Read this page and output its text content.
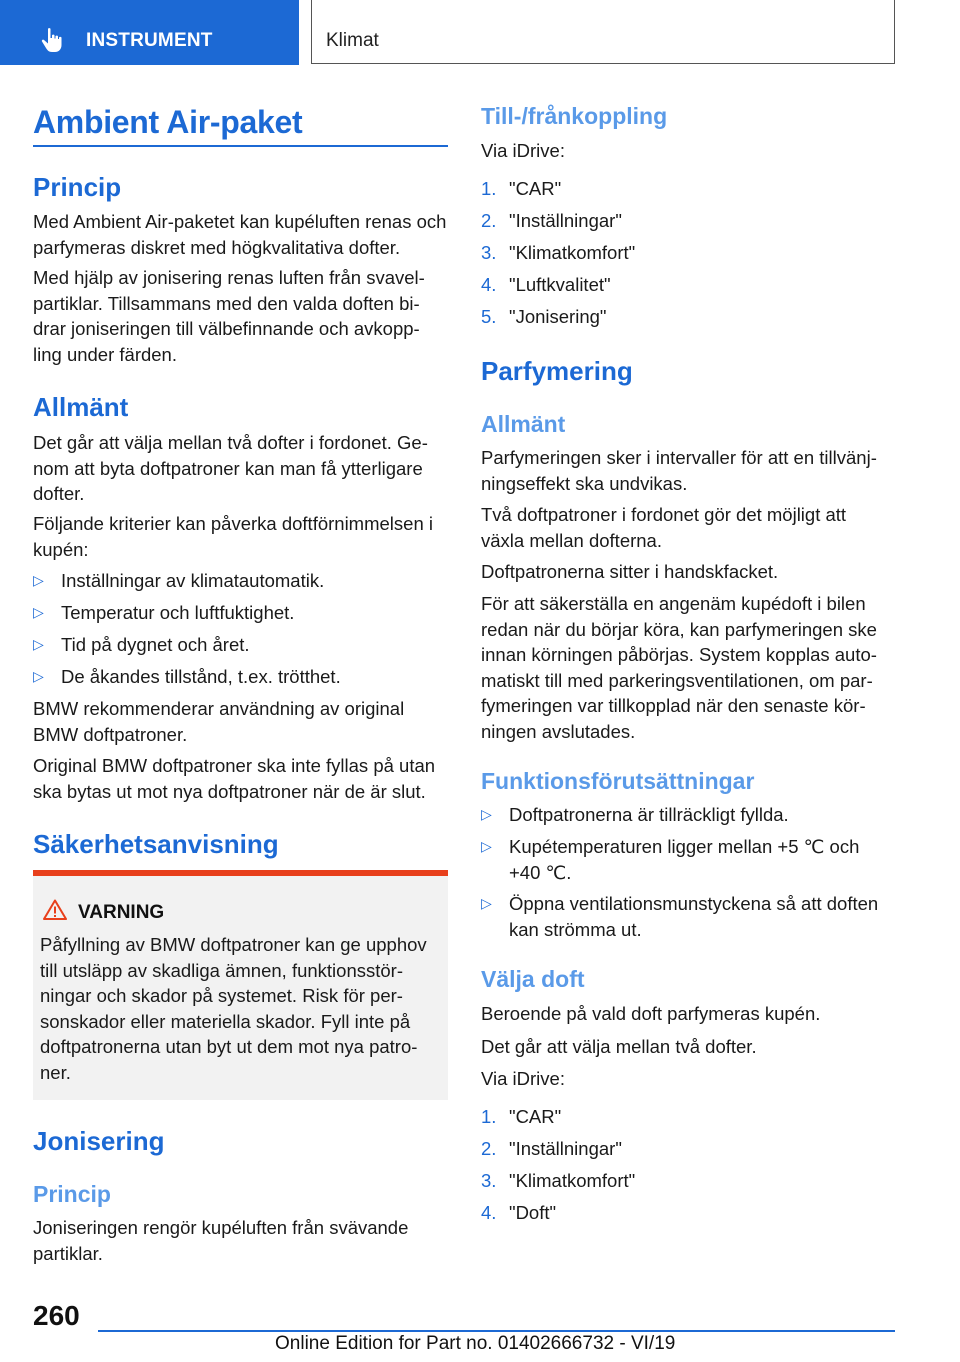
INSTRUMENT	Klimat
Ambient Air-paket
Princip

Med Ambient Air-paketet kan kupéluften renas och parfymeras diskret med högkvalitativa dofter.

Med hjälp av jonisering renas luften från svavelpartiklar. Tillsammans med den valda doften bidrar joniseringen till välbefinnande och avkoppling under färden.

Allmänt

Det går att välja mellan två dofter i fordonet. Genom att byta doftpatroner kan man få ytterligare dofter.

Följande kriterier kan påverka doftförnimmelsen i kupén:

▷ Inställningar av klimatautomatik.
▷ Temperatur och luftfuktighet.
▷ Tid på dygnet och året.
▷ De åkandes tillstånd, t.ex. trötthet.

BMW rekommenderar användning av original BMW doftpatroner.

Original BMW doftpatroner ska inte fyllas på utan ska bytas ut mot nya doftpatroner när de är slut.

Säkerhetsanvisning
VARNING

Påfyllning av BMW doftpatroner kan ge upphov till utsläpp av skadliga ämnen, funktionsstörningar och skador på systemet. Risk för personskador eller materiella skador. Fyll inte på doftpatronerna utan byt ut dem mot nya patroner.

Jonisering
Princip

Joniseringen rengör kupéluften från svävande partiklar.

Till-/frånkoppling

Via iDrive:

1. "CAR"
2. "Inställningar"
3. "Klimatkomfort"
4. "Luftkvalitet"
5. "Jonisering"
Parfymering
Allmänt

Parfymeringen sker i intervaller för att en tillvänjningseffekt ska undvikas.

Två doftpatroner i fordonet gör det möjligt att växla mellan dofterna.

Doftpatronerna sitter i handskfacket.

För att säkerställa en angenäm kupédoft i bilen redan när du börjar köra, kan parfymeringen ske innan körningen påbörjas. System kopplas automatiskt till med parkeringsventilationen, om parfymeringen var tillkopplad när den senaste körningen avslutades.

Funktionsförutsättningar
▷ Doftpatronerna är tillräckligt fyllda.
▷ Kupétemperaturen ligger mellan +5 ℃ och +40 ℃.
▷ Öppna ventilationsmunstyckena så att doften kan strömma ut.
Välja doft

Beroende på vald doft parfymeras kupén.

Det går att välja mellan två dofter.

Via iDrive:

1. "CAR"
2. "Inställningar"
3. "Klimatkomfort"
4. "Doft"
260
Online Edition for Part no. 01402666732 - VI/19
